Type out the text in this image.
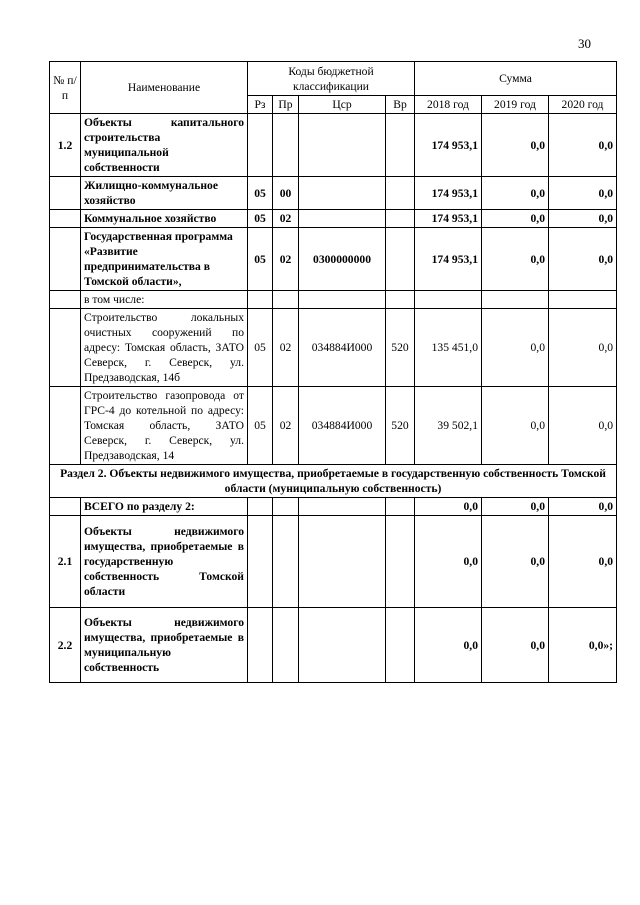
30
№ п/п	Наименование	Коды бюджетной классификации				Сумма		
		Рз	Пр	Цср	Вр	2018 год	2019 год	2020 год
1.2	Объекты капитального строительства муниципальной собственности					174 953,1	0,0	0,0
	Жилищно-коммунальное хозяйство	05	00			174 953,1	0,0	0,0
	Коммунальное хозяйство	05	02			174 953,1	0,0	0,0
	Государственная программа «Развитие предпринимательства в Томской области»,	05	02	0300000000		174 953,1	0,0	0,0
	в том числе:							
	Строительство локальных очистных сооружений по адресу: Томская область, ЗАТО Северск, г. Северск, ул. Предзаводская, 14б	05	02	034884И000	520	135 451,0	0,0	0,0
	Строительство газопровода от ГРС-4 до котельной по адресу: Томская область, ЗАТО Северск, г. Северск, ул. Предзаводская, 14	05	02	034884И000	520	39 502,1	0,0	0,0
Раздел 2. Объекты недвижимого имущества, приобретаемые в государственную собственность Томской области (муниципальную собственность)								
	ВСЕГО по разделу 2:					0,0	0,0	0,0
2.1	Объекты недвижимого имущества, приобретаемые в государственную собственность Томской области					0,0	0,0	0,0
2.2	Объекты недвижимого имущества, приобретаемые в муниципальную собственность					0,0	0,0	0,0»;
